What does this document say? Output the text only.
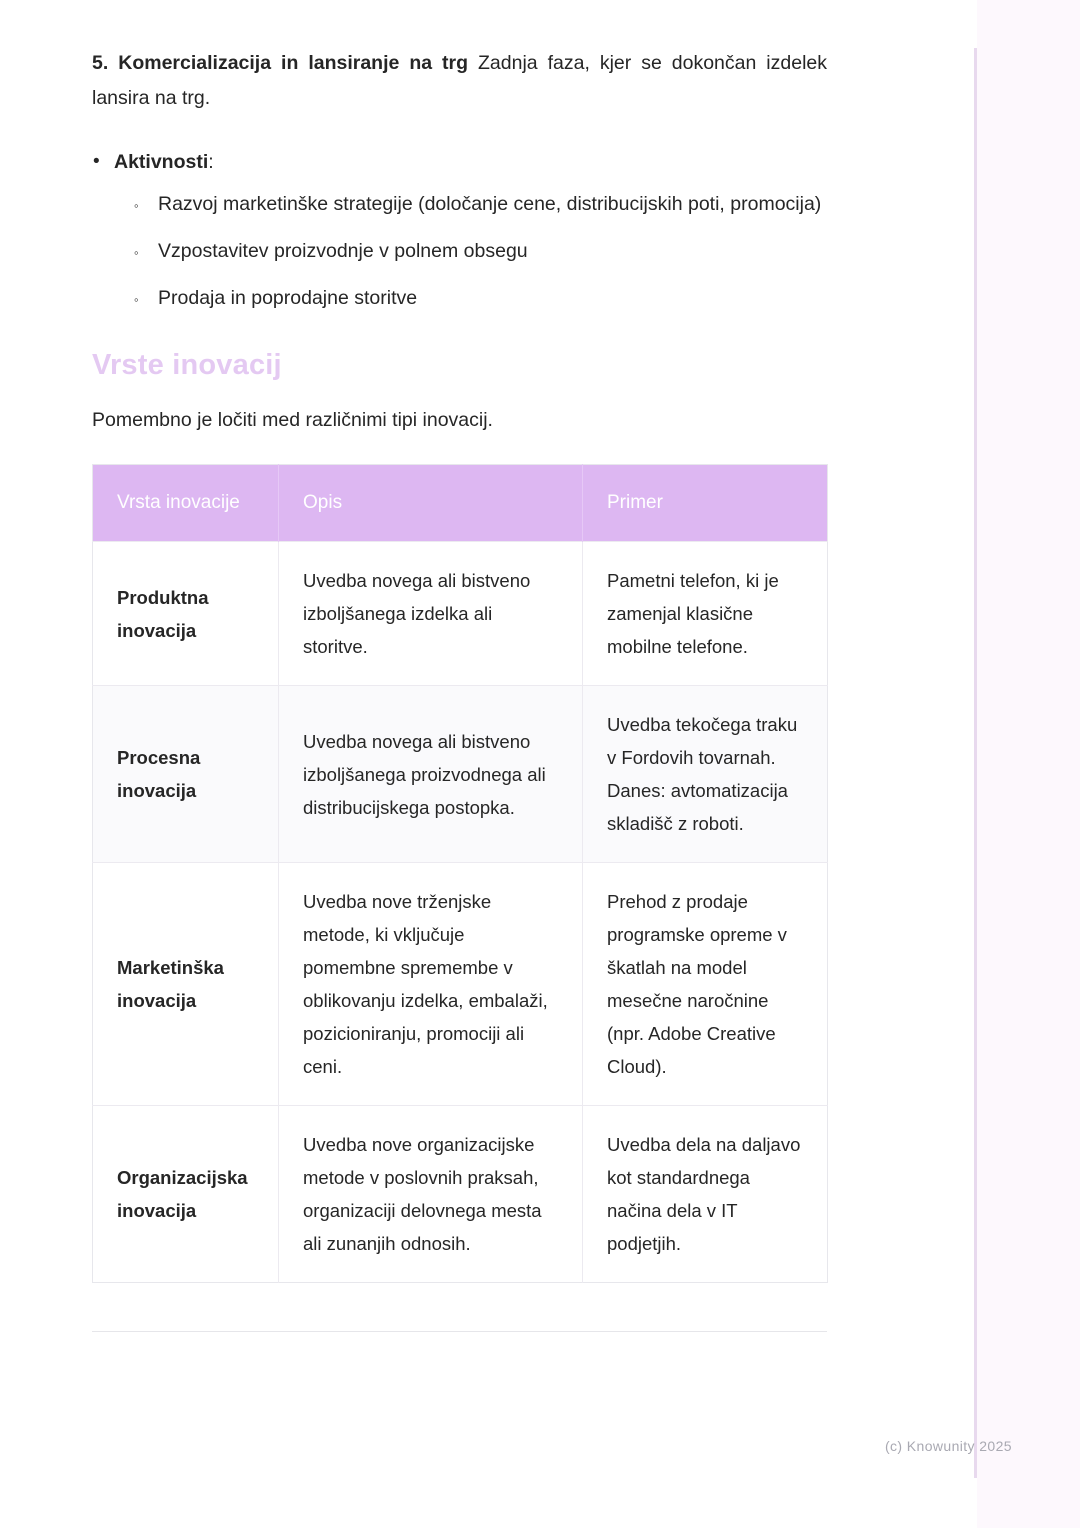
5. Komercializacija in lansiranje na trg Zadnja faza, kjer se dokončan izdelek lansira na trg.

• Aktivnosti:
◦ Razvoj marketinške strategije (določanje cene, distribucijskih poti, promocija)
◦ Vzpostavitev proizvodnje v polnem obsegu
◦ Prodaja in poprodajne storitve
Vrste inovacij

Pomembno je ločiti med različnimi tipi inovacij.

Vrsta inovacije	Opis	Primer
Produktna inovacija	Uvedba novega ali bistveno izboljšanega izdelka ali storitve.	Pametni telefon, ki je zamenjal klasične mobilne telefone.
Procesna inovacija	Uvedba novega ali bistveno izboljšanega proizvodnega ali distribucijskega postopka.	Uvedba tekočega traku v Fordovih tovarnah. Danes: avtomatizacija skladišč z roboti.
Marketinška inovacija	Uvedba nove trženjske metode, ki vključuje pomembne spremembe v oblikovanju izdelka, embalaži, pozicioniranju, promociji ali ceni.	Prehod z prodaje programske opreme v škatlah na model mesečne naročnine (npr. Adobe Creative Cloud).
Organizacijska inovacija	Uvedba nove organizacijske metode v poslovnih praksah, organizaciji delovnega mesta ali zunanjih odnosih.	Uvedba dela na daljavo kot standardnega načina dela v IT podjetjih.
(c) Knowunity 2025
